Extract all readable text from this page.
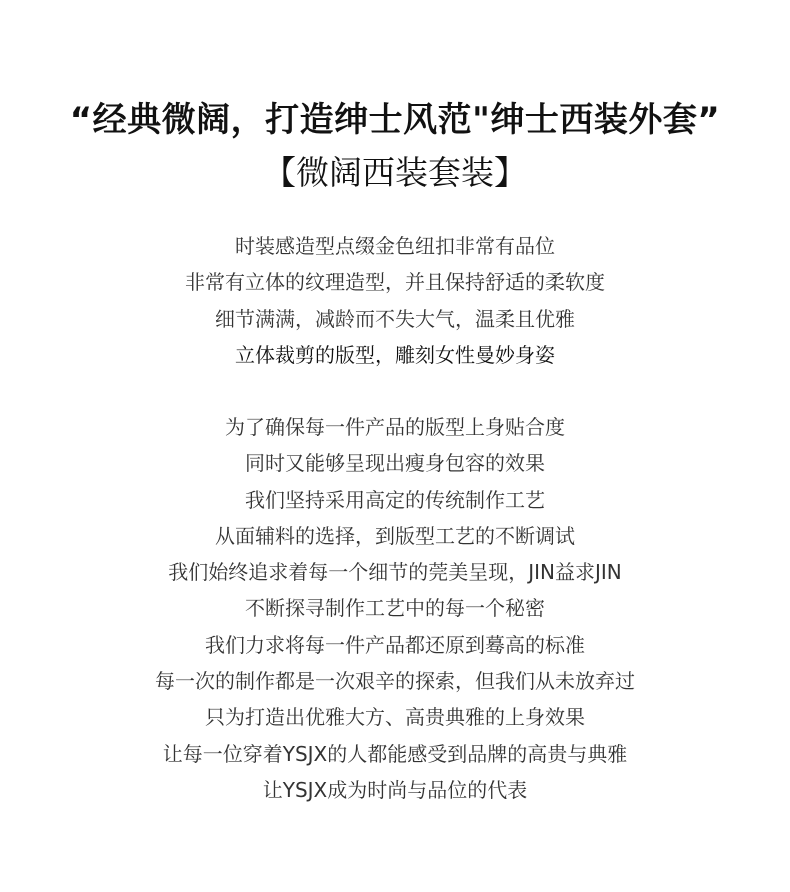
“经典微阔，打造绅士风范"绅士西装外套”
【微阔西装套装】
时装感造型点缀金色纽扣非常有品位
非常有立体的纹理造型，并且保持舒适的柔软度
细节满满，减龄而不失大气，温柔且优雅
立体裁剪的版型，雕刻女性曼妙身姿
为了确保每一件产品的版型上身贴合度
同时又能够呈现出瘦身包容的效果
我们坚持采用高定的传统制作工艺
从面辅料的选择，到版型工艺的不断调试
我们始终追求着每一个细节的莞美呈现，JIN益求JIN
不断探寻制作工艺中的每一个秘密
我们力求将每一件产品都还原到蓦高的标准
每一次的制作都是一次艰辛的探索，但我们从未放弃过
只为打造出优雅大方、高贵典雅的上身效果
让每一位穿着YSJX的人都能感受到品牌的高贵与典雅
让YSJX成为时尚与品位的代表
